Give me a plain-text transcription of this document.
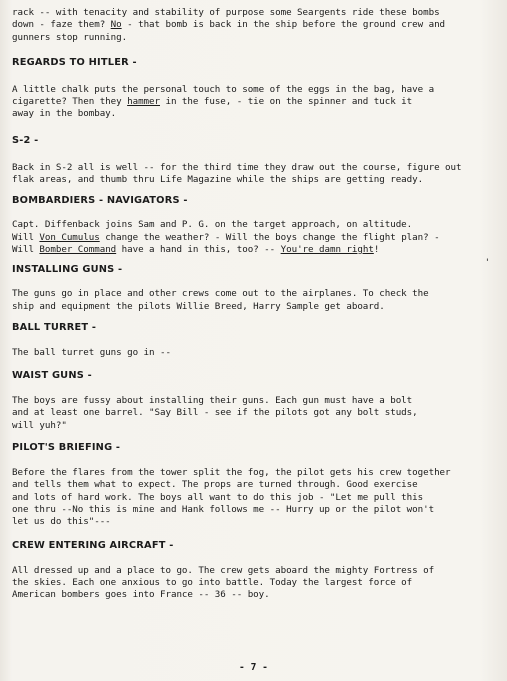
rack -- with tenacity and stability of purpose some Seargents ride these bombs
down - faze them? No - that bomb is back in the ship before the ground crew and
gunners stop running.

REGARDS TO HITLER -

A little chalk puts the personal touch to some of the eggs in the bag, have a
cigarette? Then they hammer in the fuse, - tie on the spinner and tuck it
away in the bombay.

S-2 -

Back in S-2 all is well -- for the third time they draw out the course, figure out
flak areas, and thumb thru Life Magazine while the ships are getting ready.

BOMBARDIERS - NAVIGATORS -

Capt. Diffenback joins Sam and P. G. on the target approach, on altitude.
Will Von Cumulus change the weather? - Will the boys change the flight plan? -
Will Bomber Command have a hand in this, too? -- You're damn right!

'
INSTALLING GUNS -

The guns go in place and other crews come out to the airplanes. To check the
ship and equipment the pilots Willie Breed, Harry Sample get aboard.

BALL TURRET -

The ball turret guns go in --

WAIST GUNS -

The boys are fussy about installing their guns. Each gun must have a bolt
and at least one barrel. "Say Bill - see if the pilots got any bolt studs,
will yuh?"

PILOT'S BRIEFING -

Before the flares from the tower split the fog, the pilot gets his crew together
and tells them what to expect. The props are turned through. Good exercise
and lots of hard work. The boys all want to do this job - "Let me pull this
one thru --No this is mine and Hank follows me -- Hurry up or the pilot won't
let us do this"---

CREW ENTERING AIRCRAFT -

All dressed up and a place to go. The crew gets aboard the mighty Fortress of
the skies. Each one anxious to go into battle. Today the largest force of
American bombers goes into France -- 36 -- boy.

- 7 -
